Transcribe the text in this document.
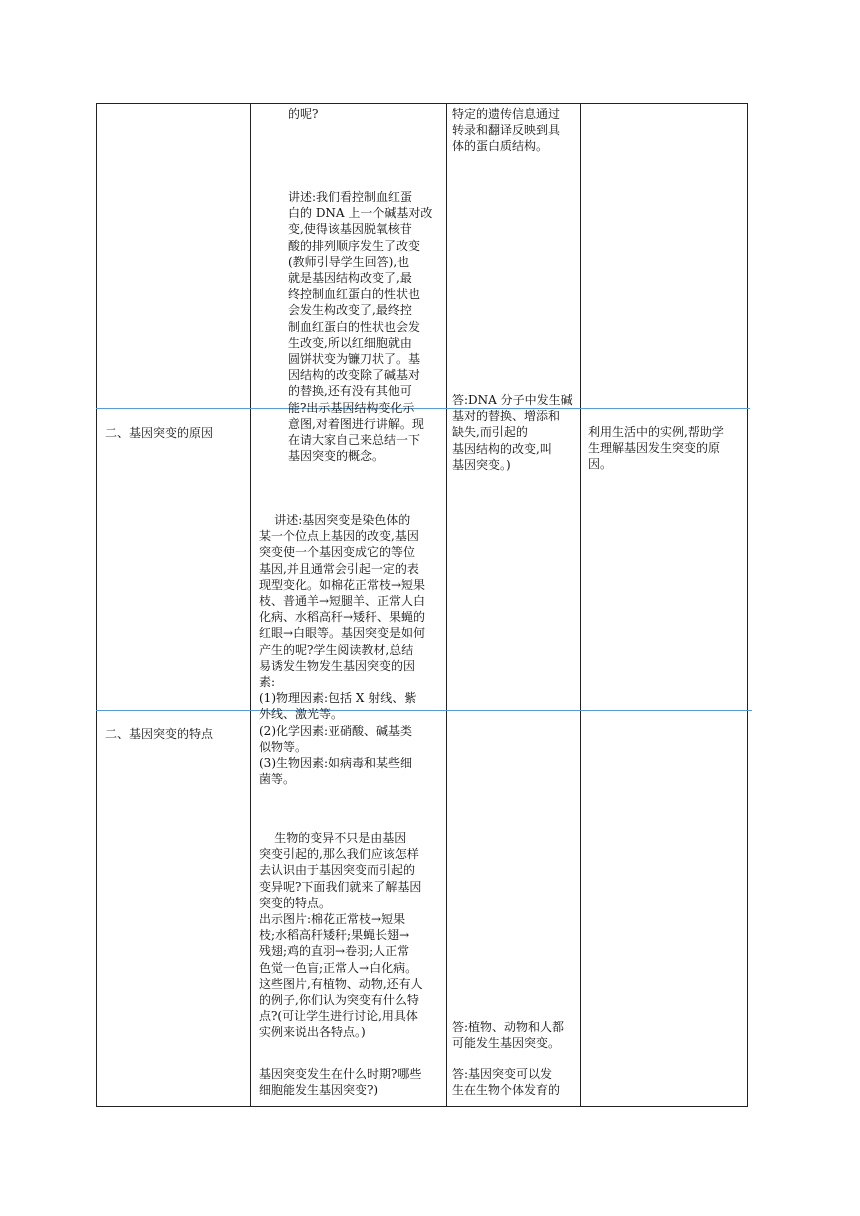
二、基因突变的原因
二、基因突变的特点
的呢?
讲述:我们看控制血红蛋
白的 DNA 上一个碱基对改
变,使得该基因脱氧核苷
酸的排列顺序发生了改变
(教师引导学生回答),也
就是基因结构改变了,最
终控制血红蛋白的性状也
会发生构改变了,最终控
制血红蛋白的性状也会发
生改变,所以红细胞就由
圆饼状变为镰刀状了。基
因结构的改变除了碱基对
的替换,还有没有其他可
能?出示基因结构变化示
意图,对着图进行讲解。现
在请大家自己来总结一下
基因突变的概念。
讲述:基因突变是染色体的
某一个位点上基因的改变,基因
突变使一个基因变成它的等位
基因,并且通常会引起一定的表
现型变化。如棉花正常枝→短果
枝、普通羊→短腿羊、正常人白
化病、水稻高秆→矮秆、果蝇的
红眼→白眼等。基因突变是如何
产生的呢?学生阅读教材,总结
易诱发生物发生基因突变的因
素:
(1)物理因素:包括 X 射线、紫
外线、激光等。
(2)化学因素:亚硝酸、碱基类
似物等。
(3)生物因素:如病毒和某些细
菌等。
生物的变异不只是由基因
突变引起的,那么我们应该怎样
去认识由于基因突变而引起的
变异呢?下面我们就来了解基因
突变的特点。
出示图片:棉花正常枝→短果
枝;水稻高秆矮秆;果蝇长翅→
残翅;鸡的直羽→卷羽;人正常
色觉一色盲;正常人→白化病。
这些图片,有植物、动物,还有人
的例子,你们认为突变有什么特
点?(可让学生进行讨论,用具体
实例来说出各特点。)
基因突变发生在什么时期?哪些
细胞能发生基因突变?)
特定的遗传信息通过
转录和翻译反映到具
体的蛋白质结构。
答:DNA 分子中发生碱
基对的替换、增添和
缺失,而引起的
基因结构的改变,叫
基因突变。)
答:植物、动物和人都
可能发生基因突变。
答:基因突变可以发
生在生物个体发育的
利用生活中的实例,帮助学
生理解基因发生突变的原
因。
